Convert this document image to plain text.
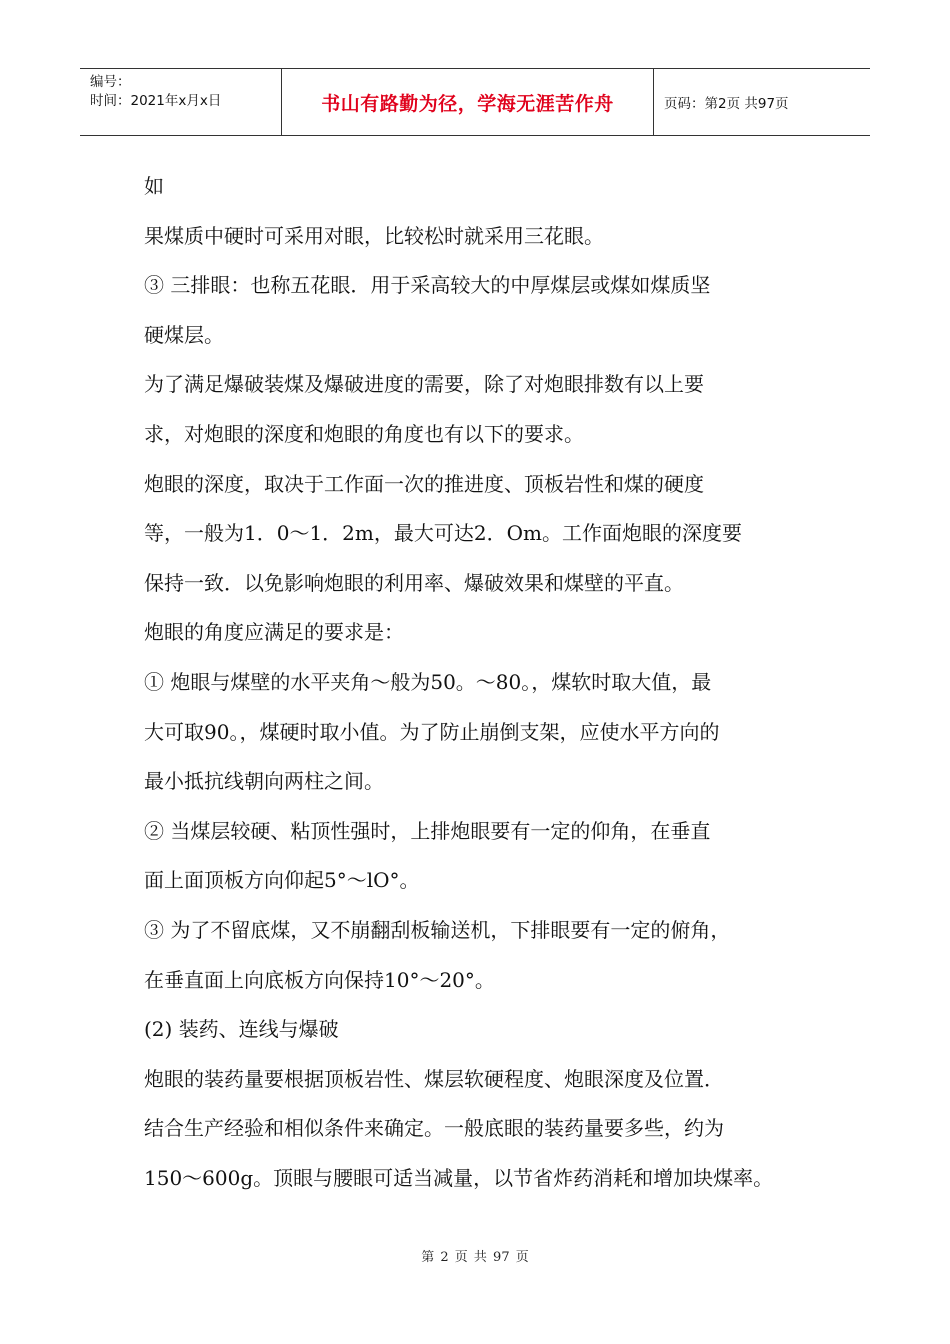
编号：
时间：2021年x月x日	书山有路勤为径，学海无涯苦作舟	页码：第2页 共97页

如

果煤质中硬时可采用对眼，比较松时就采用三花眼。

③ 三排眼：也称五花眼．用于采高较大的中厚煤层或煤如煤质坚

硬煤层。

为了满足爆破装煤及爆破进度的需要，除了对炮眼排数有以上要

求，对炮眼的深度和炮眼的角度也有以下的要求。

炮眼的深度，取决于工作面一次的推进度、顶板岩性和煤的硬度

等，一般为1．0～1．2m，最大可达2．Om。工作面炮眼的深度要

保持一致．以免影响炮眼的利用率、爆破效果和煤壁的平直。

炮眼的角度应满足的要求是：

① 炮眼与煤壁的水平夹角～般为50。～80。，煤软时取大值，最

大可取90。，煤硬时取小值。为了防止崩倒支架，应使水平方向的

最小抵抗线朝向两柱之间。

② 当煤层较硬、粘顶性强时，上排炮眼要有一定的仰角，在垂直

面上面顶板方向仰起5°～lO°。

③ 为了不留底煤，又不崩翻刮板输送机，下排眼要有一定的俯角，

在垂直面上向底板方向保持10°～20°。

(2) 装药、连线与爆破

炮眼的装药量要根据顶板岩性、煤层软硬程度、炮眼深度及位置．

结合生产经验和相似条件来确定。一般底眼的装药量要多些，约为

150～600g。顶眼与腰眼可适当减量，以节省炸药消耗和增加块煤率。

第 2 页 共 97 页
